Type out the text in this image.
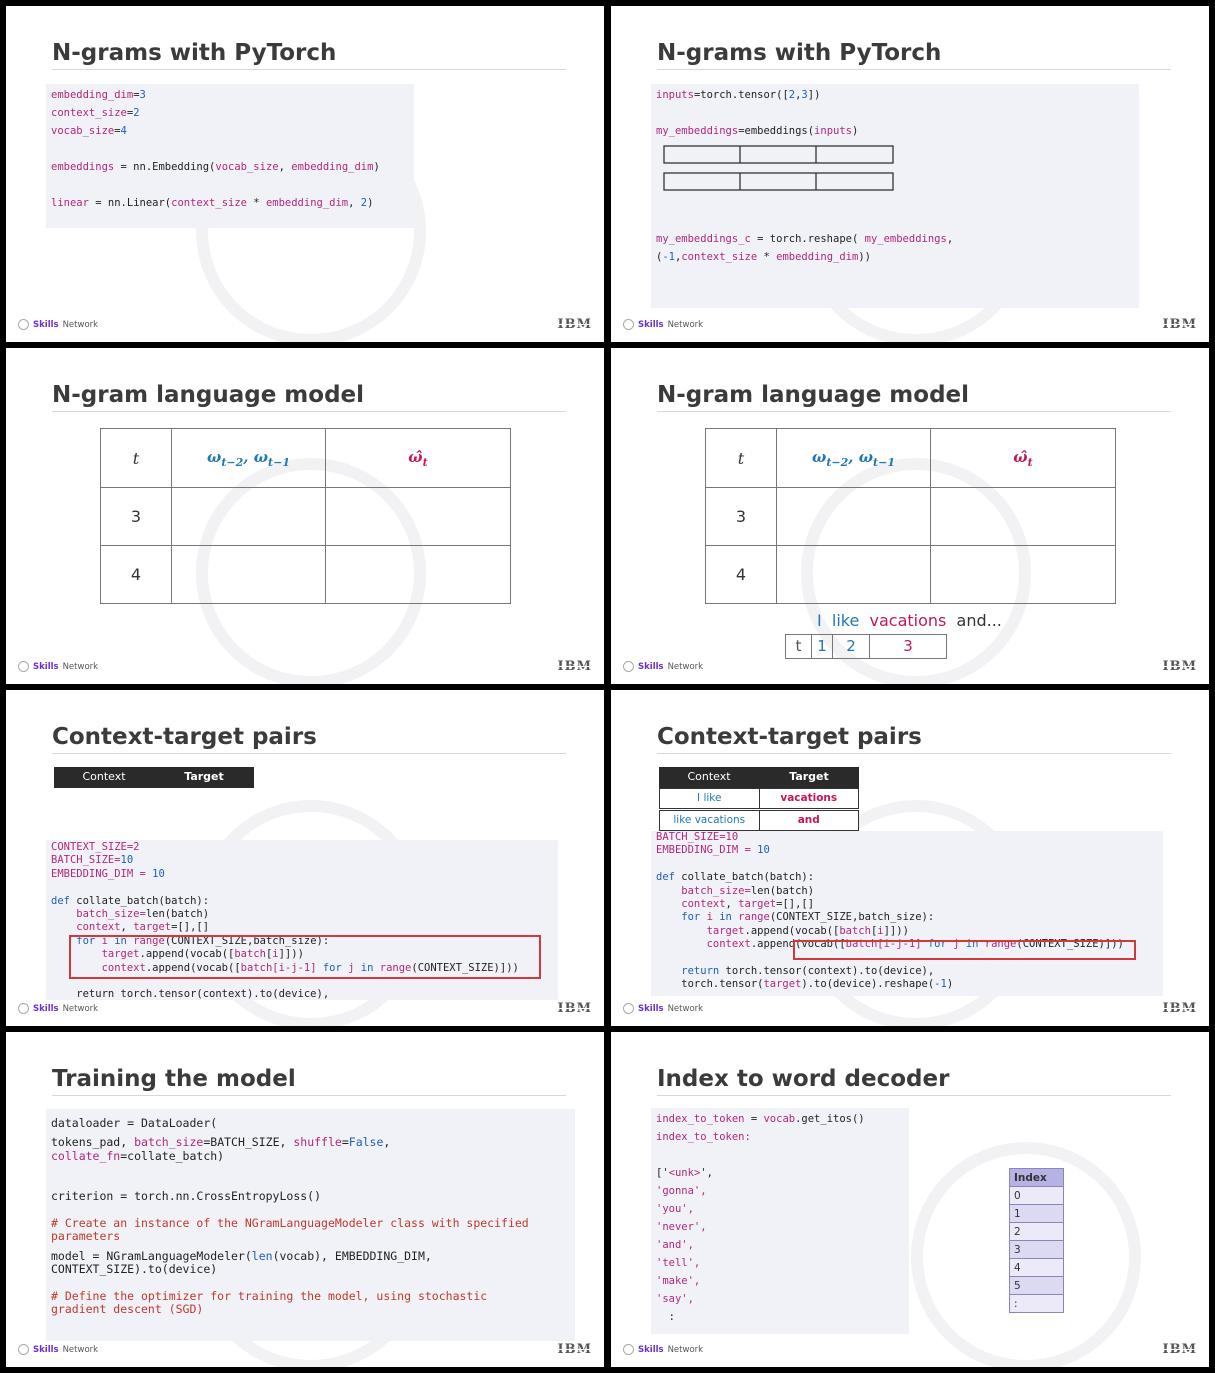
N-grams with PyTorch
embedding_dim=3
context_size=2
vocab_size=4

embeddings = nn.Embedding(vocab_size, embedding_dim)

linear = nn.Linear(context_size * embedding_dim, 2)
Skills Network	IBM
N-grams with PyTorch
inputs=torch.tensor([2,3])

my_embeddings=embeddings(inputs)

my_embeddings_c = torch.reshape( my_embeddings,
(-1,context_size * embedding_dim))
Skills Network	IBM
N-gram language model
t	$\omega_{t-2}$, $\omega_{t-1}$	$\omegâ_t$
3		
4		
Skills Network	IBM
N-gram language model
t	$\omega_{t-2}$, $\omega_{t-1}$	$\omegâ_t$
3		
4		
I like vacations and...
t	1	2	3
Skills Network	IBM
Context-target pairs
Context	Target
CONTEXT_SIZE=2
BATCH_SIZE=10
EMBEDDING_DIM = 10

def collate_batch(batch):
batch_size=len(batch)
context, target=[],[]
for i in range(CONTEXT_SIZE,batch_size):
target.append(vocab([batch[i]]))
context.append(vocab([batch[i-j-1] for j in range(CONTEXT_SIZE)]))

return torch.tensor(context).to(device),
Skills Network	IBM
Context-target pairs
BATCH_SIZE=10
EMBEDDING_DIM = 10

def collate_batch(batch):
batch_size=len(batch)
context, target=[],[]
for i in range(CONTEXT_SIZE,batch_size):
target.append(vocab([batch[i]]))
context.append(vocab([batch[i-j-1] for j in range(CONTEXT_SIZE)]))

return torch.tensor(context).to(device),
torch.tensor(target).to(device).reshape(-1)
Context	Target
I like	vacations
like vacations	and
Skills Network	IBM
Training the model
dataloader = DataLoader(

tokens_pad, batch_size=BATCH_SIZE, shuffle=False,
collate_fn=collate_batch)

criterion = torch.nn.CrossEntropyLoss()

# Create an instance of the NGramLanguageModeler class with specified
parameters

model = NGramLanguageModeler(len(vocab), EMBEDDING_DIM,
CONTEXT_SIZE).to(device)

# Define the optimizer for training the model, using stochastic
gradient descent (SGD)
Skills Network	IBM
Index to word decoder
index_to_token = vocab.get_itos()
index_to_token:

['<unk>',
'gonna',
'you',
'never',
'and',
'tell',
'make',
'say',
:
Index
0
1
2
3
4
5
:
Skills Network	IBM
